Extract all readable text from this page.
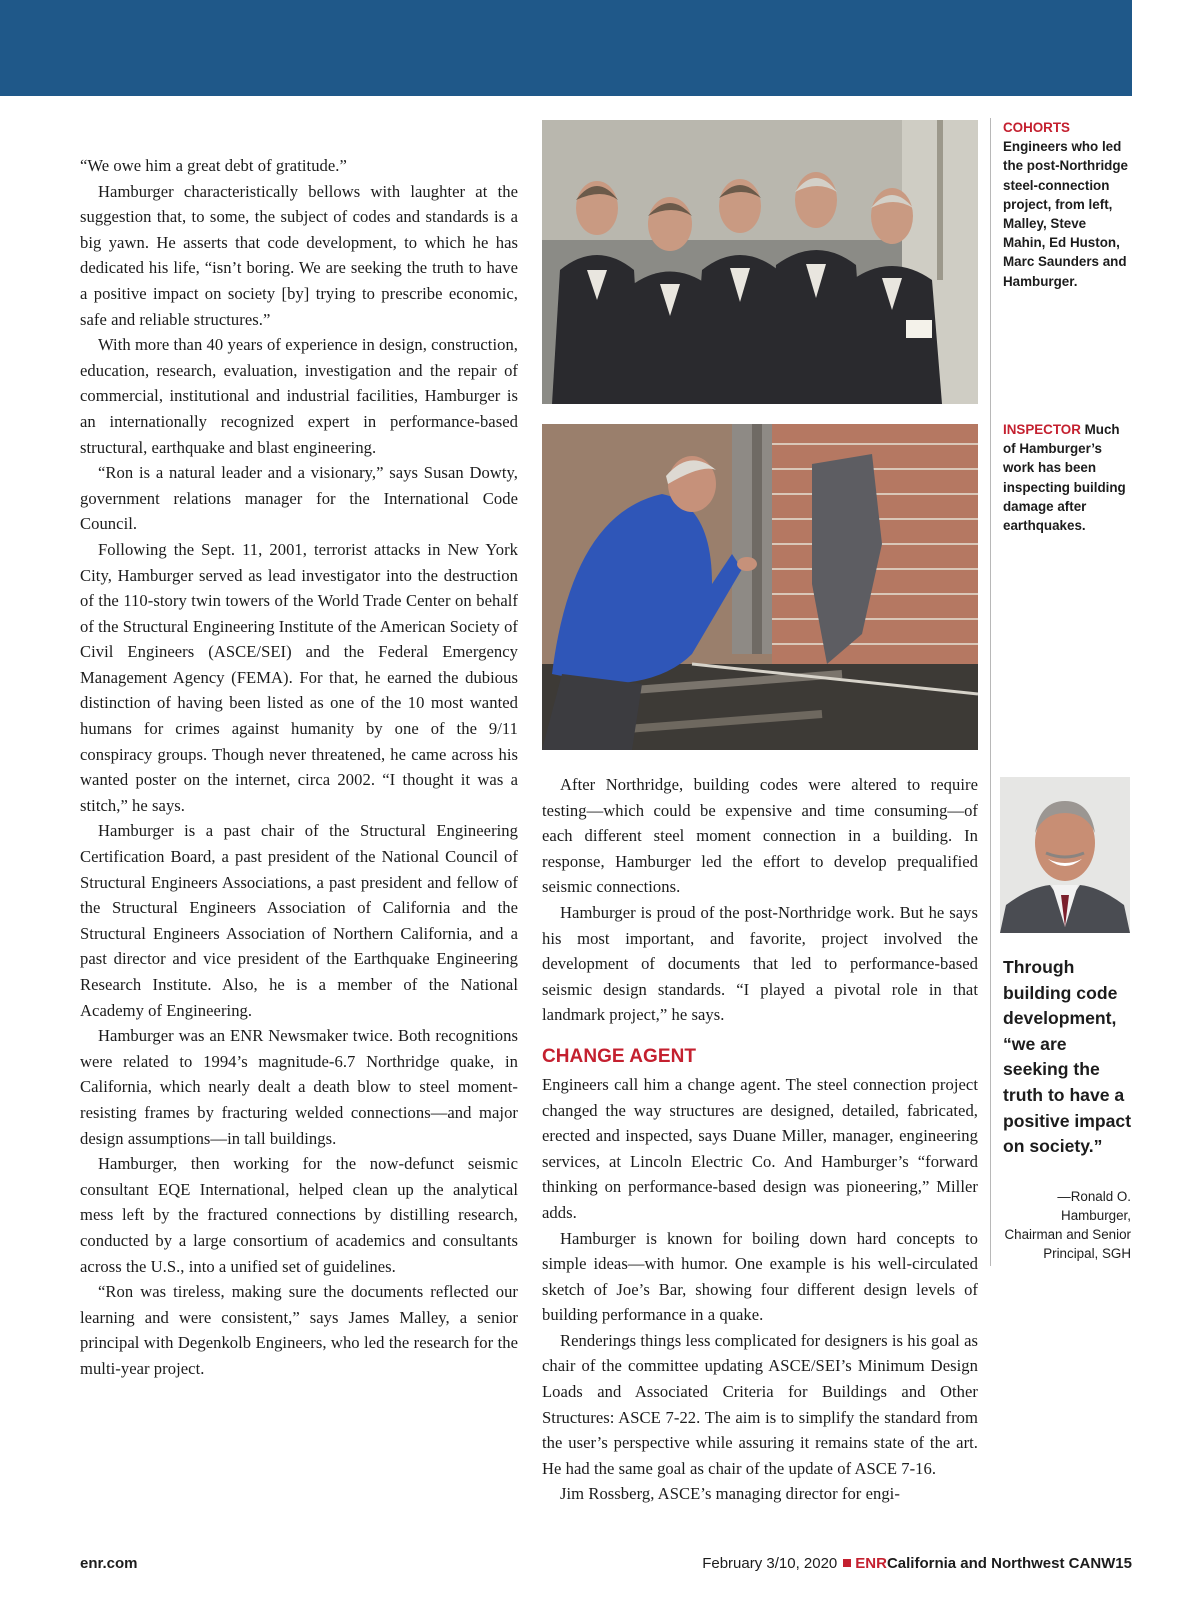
“We owe him a great debt of gratitude.”

Hamburger characteristically bellows with laughter at the suggestion that, to some, the subject of codes and standards is a big yawn. He asserts that code development, to which he has dedicated his life, “isn’t boring. We are seeking the truth to have a positive impact on society [by] trying to prescribe economic, safe and reliable structures.”

With more than 40 years of experience in design, construction, education, research, evaluation, investigation and the repair of commercial, institutional and industrial facilities, Hamburger is an internationally recognized expert in performance-based structural, earthquake and blast engineering.

“Ron is a natural leader and a visionary,” says Susan Dowty, government relations manager for the International Code Council.

Following the Sept. 11, 2001, terrorist attacks in New York City, Hamburger served as lead investigator into the destruction of the 110-story twin towers of the World Trade Center on behalf of the Structural Engineering Institute of the American Society of Civil Engineers (ASCE/SEI) and the Federal Emergency Management Agency (FEMA). For that, he earned the dubious distinction of having been listed as one of the 10 most wanted humans for crimes against humanity by one of the 9/11 conspiracy groups. Though never threatened, he came across his wanted poster on the internet, circa 2002. “I thought it was a stitch,” he says.

Hamburger is a past chair of the Structural Engineering Certification Board, a past president of the National Council of Structural Engineers Associations, a past president and fellow of the Structural Engineers Association of California and the Structural Engineers Association of Northern California, and a past director and vice president of the Earthquake Engineering Research Institute. Also, he is a member of the National Academy of Engineering.

Hamburger was an ENR Newsmaker twice. Both recognitions were related to 1994’s magnitude-6.7 Northridge quake, in California, which nearly dealt a death blow to steel moment-resisting frames by fracturing welded connections—and major design assumptions—in tall buildings.

Hamburger, then working for the now-defunct seismic consultant EQE International, helped clean up the analytical mess left by the fractured connections by distilling research, conducted by a large consortium of academics and consultants across the U.S., into a unified set of guidelines.

“Ron was tireless, making sure the documents reflected our learning and were consistent,” says James Malley, a senior principal with Degenkolb Engineers, who led the research for the multi-year project.

After Northridge, building codes were altered to require testing—which could be expensive and time consuming—of each different steel moment connection in a building. In response, Hamburger led the effort to develop prequalified seismic connections.

Hamburger is proud of the post-Northridge work. But he says his most important, and favorite, project involved the development of documents that led to performance-based seismic design standards. “I played a pivotal role in that landmark project,” he says.

CHANGE AGENT

Engineers call him a change agent. The steel connection project changed the way structures are designed, detailed, fabricated, erected and inspected, says Duane Miller, manager, engineering services, at Lincoln Electric Co. And Hamburger’s “forward thinking on performance-based design was pioneering,” Miller adds.

Hamburger is known for boiling down hard concepts to simple ideas—with humor. One example is his well-circulated sketch of Joe’s Bar, showing four different design levels of building performance in a quake.

Renderings things less complicated for designers is his goal as chair of the committee updating ASCE/SEI’s Minimum Design Loads and Associated Criteria for Buildings and Other Structures: ASCE 7-22. The aim is to simplify the standard from the user’s perspective while assuring it remains state of the art. He had the same goal as chair of the update of ASCE 7-16.

Jim Rossberg, ASCE’s managing director for engi-

COHORTS
Engineers who led the post-Northridge steel-connection project, from left, Malley, Steve Mahin, Ed Huston, Marc Saunders and Hamburger.
INSPECTOR Much of Hamburger’s work has been inspecting building damage after earthquakes.
Through building code development, “we are seeking the truth to have a positive impact on society.”
—Ronald O. Hamburger, Chairman and Senior Principal, SGH
enr.com	February 3/10, 2020 ENRCalifornia and Northwest CANW15
